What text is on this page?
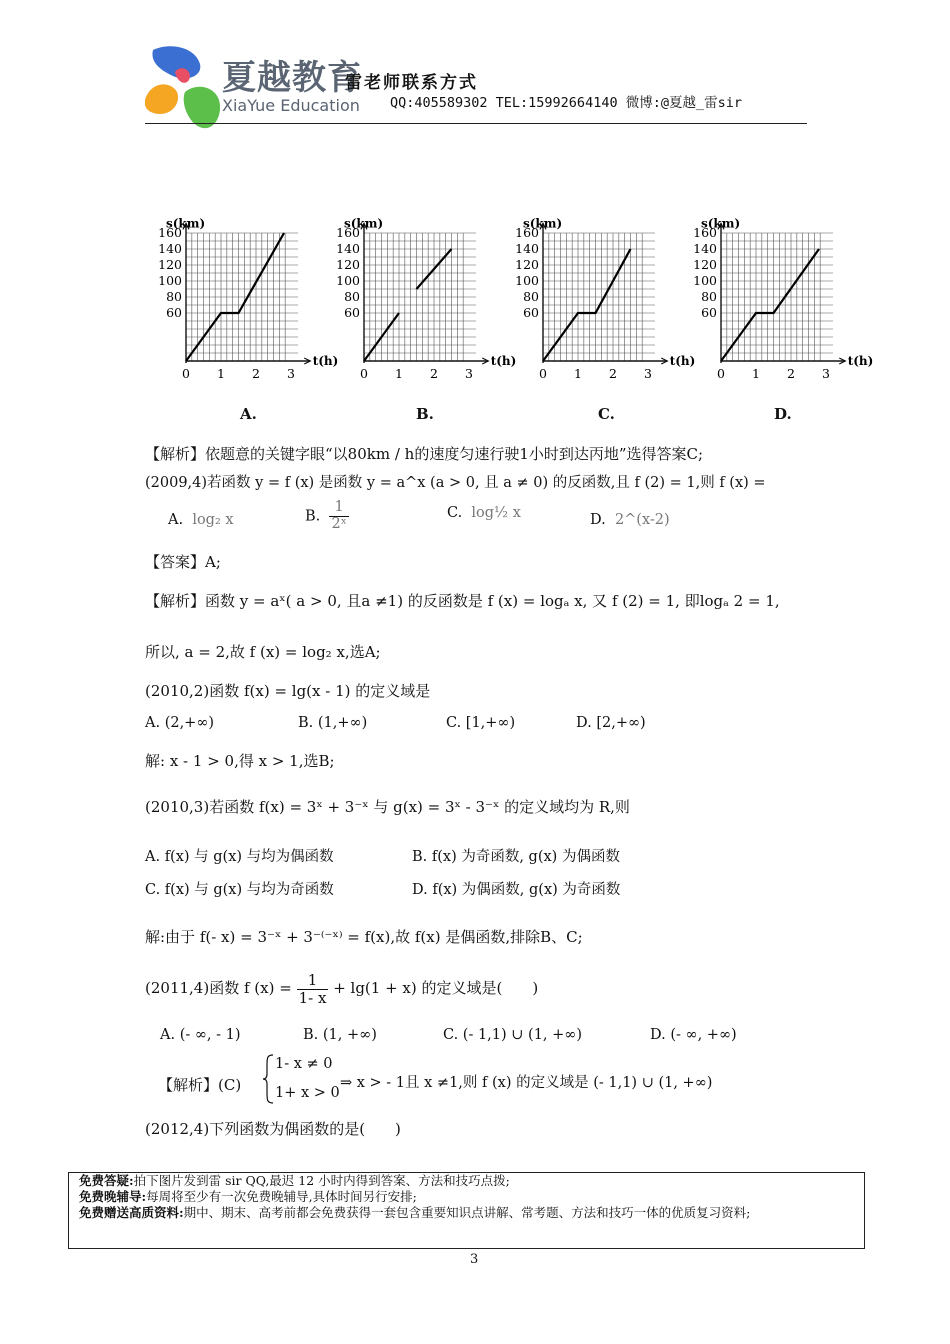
夏越教育
XiaYue Education
雷老师联系方式
QQ:405589302 TEL:15992664140 微博:@夏越_雷sir
s(km)
t(h)
160
140
120
100
80
60
0 1 2 3
s(km)
t(h)
160
140
120
100
80
60
0 1 2 3
s(km)
t(h)
160
140
120
100
80
60
0 1 2 3
s(km)
t(h)
160
140
120
100
80
60
0 1 2 3
A.	B.	C.	D.
【解析】依题意的关键字眼“以80km / h的速度匀速行驶1小时到达丙地”选得答案C;
(2009,4)若函数 y = f (x) 是函数 y = a^x (a > 0, 且 a ≠ 0) 的反函数,且 f (2) = 1,则 f (x) =
A. log₂ x	B. $\frac{1}{\text{2ˣ}}$	C. log½ x	D. 2^(x-2)
【答案】A;
【解析】函数 y = aˣ( a > 0, 且a ≠1) 的反函数是 f (x) = logₐ x, 又 f (2) = 1, 即logₐ 2 = 1,
所以, a = 2,故 f (x) = log₂ x,选A;
(2010,2)函数 f(x) = lg(x - 1) 的定义域是
A. (2,+∞)	B. (1,+∞)	C. [1,+∞)	D. [2,+∞)
解: x - 1 > 0,得 x > 1,选B;
(2010,3)若函数 f(x) = 3ˣ + 3⁻ˣ 与 g(x) = 3ˣ - 3⁻ˣ 的定义域均为 R,则
A. f(x) 与 g(x) 与均为偶函数	B. f(x) 为奇函数, g(x) 为偶函数
C. f(x) 与 g(x) 与均为奇函数	D. f(x) 为偶函数, g(x) 为奇函数
解:由于 f(- x) = 3⁻ˣ + 3⁻⁽⁻ˣ⁾ = f(x),故 f(x) 是偶函数,排除B、C;
(2011,4)函数 f $(x) = \frac{1}{1- x} + \lg(1 + x)$ 的定义域是(　　)
A. (- ∞, - 1)	B. (1, +∞)	C. (- 1,1) ∪ (1, +∞)	D. (- ∞, +∞)
【解析】(C)
1- x ≠ 0
1+ x > 0
⇒ x > - 1且 x ≠1,则 f (x) 的定义域是 (- 1,1) ∪ (1, +∞)
(2012,4)下列函数为偶函数的是(　　)
免费答疑:拍下图片发到雷 sir QQ,最迟 12 小时内得到答案、方法和技巧点拨;
免费晚辅导:每周将至少有一次免费晚辅导,具体时间另行安排;
免费赠送高质资料:期中、期末、高考前都会免费获得一套包含重要知识点讲解、常考题、方法和技巧一体的优质复习资料;
3
